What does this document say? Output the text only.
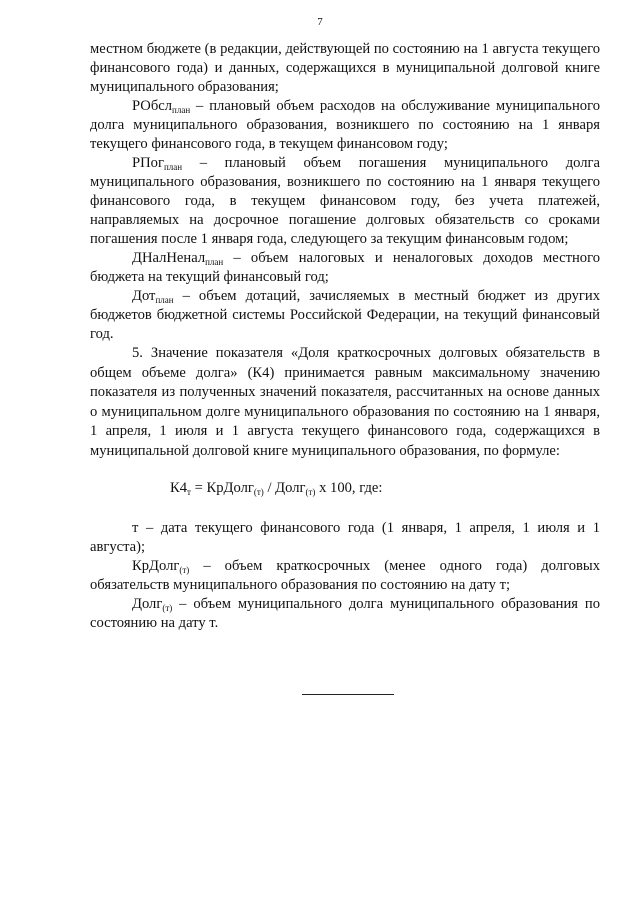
7

местном бюджете (в редакции, действующей по состоянию на 1 августа текущего финансового года) и данных, содержащихся в муниципальной долговой книге муниципального образования;

РОбсл$_{план}$ – плановый объем расходов на обслуживание муниципального долга муниципального образования, возникшего по состоянию на 1 января текущего финансового года, в текущем финансовом году;

РПог$_{план}$ – плановый объем погашения муниципального долга муниципального образования, возникшего по состоянию на 1 января текущего финансового года, в текущем финансовом году, без учета платежей, направляемых на досрочное погашение долговых обязательств со сроками погашения после 1 января года, следующего за текущим финансовым годом;

ДНалНенал$_{план}$ – объем налоговых и неналоговых доходов местного бюджета на текущий финансовый год;

Дот$_{план}$ – объем дотаций, зачисляемых в местный бюджет из других бюджетов бюджетной системы Российской Федерации, на текущий финансовый год.

5. Значение показателя «Доля краткосрочных долговых обязательств в общем объеме долга» (К4) принимается равным максимальному значению показателя из полученных значений показателя, рассчитанных на основе данных о муниципальном долге муниципального образования по состоянию на 1 января, 1 апреля, 1 июля и 1 августа текущего финансового года, содержащихся в муниципальной долговой книге муниципального образования, по формуле:

$К4_т$ = КрДолг$_{(т)}$ / Долг$_{(т)}$ х 100, где:

т – дата текущего финансового года (1 января, 1 апреля, 1 июля и 1 августа);

КрДолг$_{(т)}$ – объем краткосрочных (менее одного года) долговых обязательств муниципального образования по состоянию на дату т;

Долг$_{(т)}$ – объем муниципального долга муниципального образования по состоянию на дату т.
